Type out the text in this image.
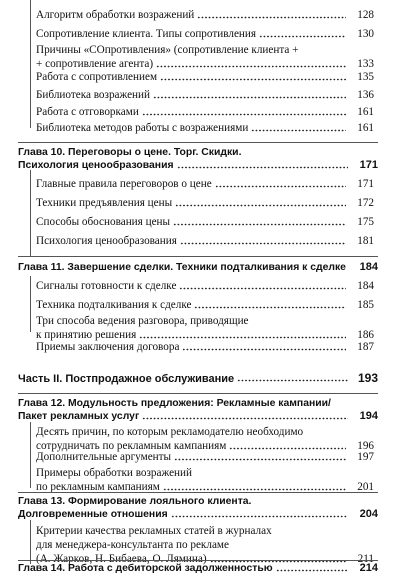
Алгоритм обработки возражений	128
Сопротивление клиента. Типы сопротивления	130
Причины «СОпротивления» (сопротивление клиента +
+ сопротивление агента)	133
Работа с сопротивлением	135
Библиотека возражений	136
Работа с отговорками	161
Библиотека методов работы с возражениями	161
Глава 10. Переговоры о цене. Торг. Скидки.
Психология ценообразования	171
Главные правила переговоров о цене	171
Техники предъявления цены	172
Способы обоснования цены	175
Психология ценообразования	181
Глава 11. Завершение сделки. Техники подталкивания к сделке	184
Сигналы готовности к сделке	184
Техника подталкивания к сделке	185
Три способа ведения разговора, приводящие
к принятию решения	186
Приемы заключения договора	187
Часть II. Постпродажное обслуживание	193
Глава 12. Модульность предложения: Рекламные кампании/
Пакет рекламных услуг	194
Десять причин, по которым рекламодателю необходимо
сотрудничать по рекламным кампаниям	196
Дополнительные аргументы	197
Примеры обработки возражений
по рекламным кампаниям	201
Глава 13. Формирование лояльного клиента.
Долговременные отношения	204
Критерии качества рекламных статей в журналах
для менеджера-консультанта по рекламе
(А. Жарков, Н. Бибаева, О. Лямина)	211
Глава 14. Работа с дебиторской задолженностью	214
